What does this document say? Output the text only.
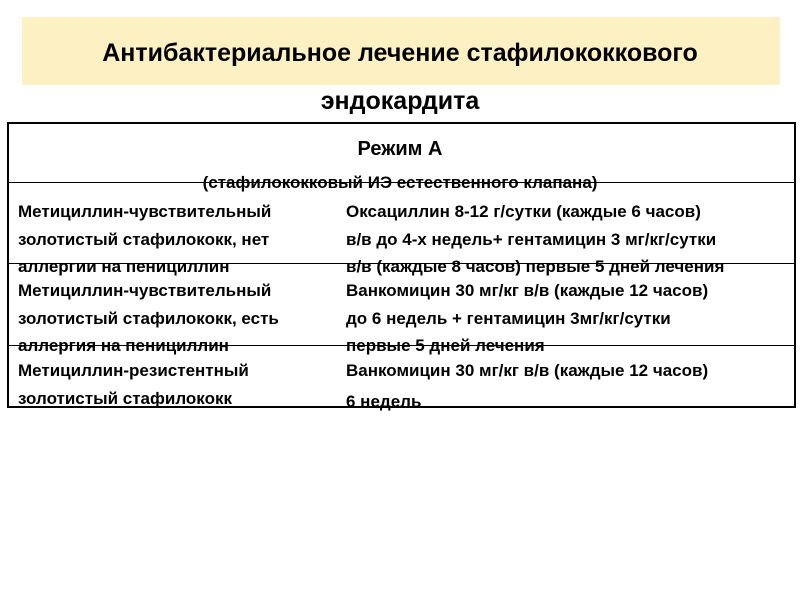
Антибактериальное лечение стафилококкового
эндокардита
Режим А
(стафилококковый ИЭ естественного клапана)
Метициллин-чувствительный
золотистый стафилококк, нет
аллергии на пенициллин
Оксациллин 8-12 г/сутки (каждые 6 часов)
в/в до 4-х недель+ гентамицин 3 мг/кг/сутки
в/в (каждые 8 часов) первые 5 дней лечения
Метициллин-чувствительный
золотистый стафилококк, есть
аллергия на пенициллин
Ванкомицин 30 мг/кг в/в (каждые 12 часов)
до 6 недель + гентамицин 3мг/кг/сутки
первые 5 дней лечения
Метициллин-резистентный
золотистый стафилококк
Ванкомицин 30 мг/кг в/в (каждые 12 часов)
6 недель
